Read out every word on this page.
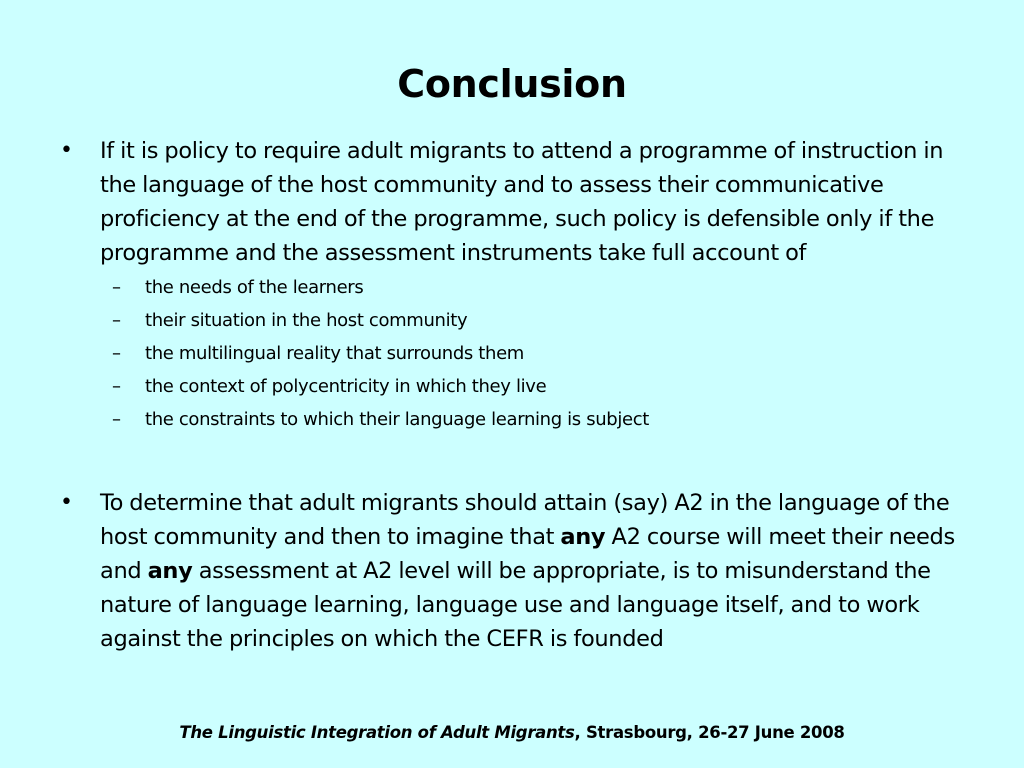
Conclusion
• If it is policy to require adult migrants to attend a programme of instruction in the language of the host community and to assess their communicative proficiency at the end of the programme, such policy is defensible only if the programme and the assessment instruments take full account of
– the needs of the learners
– their situation in the host community
– the multilingual reality that surrounds them
– the context of polycentricity in which they live
– the constraints to which their language learning is subject
• To determine that adult migrants should attain (say) A2 in the language of the host community and then to imagine that any A2 course will meet their needs and any assessment at A2 level will be appropriate, is to misunderstand the nature of language learning, language use and language itself, and to work against the principles on which the CEFR is founded
The Linguistic Integration of Adult Migrants, Strasbourg, 26-27 June 2008
